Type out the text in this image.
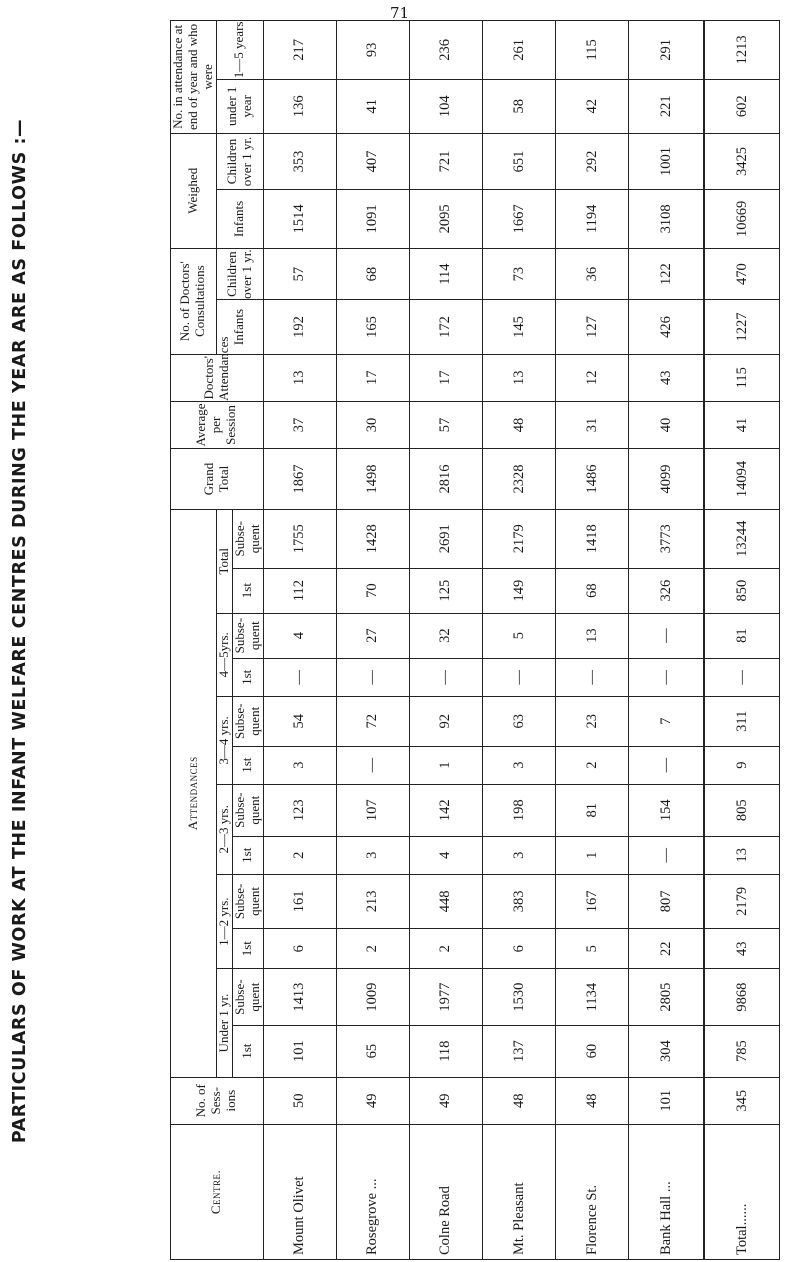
71
PARTICULARS OF WORK AT THE INFANT WELFARE CENTRES DURING THE YEAR ARE AS FOLLOWS :—
Centre.	No. of Sess-ions	Attendances												Grand Total	Average per Session	Doctors' Attendances	No. of Doctors' Consultations		Weighed		No. in attendance at end of year and who were	
		Under 1 yr.		1—2 yrs.		2—3 yrs.		3—4 yrs.		4—5yrs.		Total					Infants	Children over 1 yr.	Infants	Children over 1 yr.	under 1 year	1—5 years
		1st	Subse-quent	1st	Subse-quent	1st	Subse-quent	1st	Subse-quent	1st	Subse-quent	1st	Subse-quent									
Mount Olivet	50	101	1413	6	161	2	123	3	54	—	4	112	1755	1867	37	13	192	57	1514	353	136	217
Rosegrove ...	49	65	1009	2	213	3	107	—	72	—	27	70	1428	1498	30	17	165	68	1091	407	41	93
Colne Road	49	118	1977	2	448	4	142	1	92	—	32	125	2691	2816	57	17	172	114	2095	721	104	236
Mt. Pleasant	48	137	1530	6	383	3	198	3	63	—	5	149	2179	2328	48	13	145	73	1667	651	58	261
Florence St.	48	60	1134	5	167	1	81	2	23	—	13	68	1418	1486	31	12	127	36	1194	292	42	115
Bank Hall ...	101	304	2805	22	807	—	154	—	7	—	—	326	3773	4099	40	43	426	122	3108	1001	221	291
Total......	345	785	9868	43	2179	13	805	9	311	—	81	850	13244	14094	41	115	1227	470	10669	3425	602	1213
